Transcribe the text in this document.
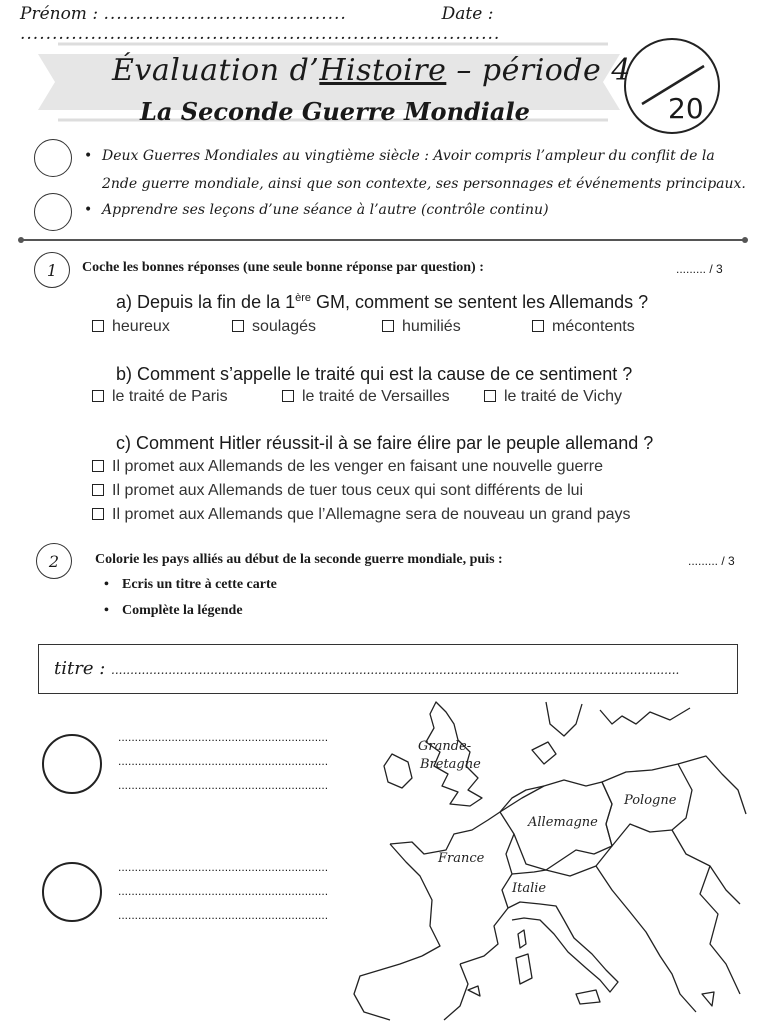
Prénom : ......................................	Date : ...........................................................................
Évaluation d’Histoire – période 4
La Seconde Guerre Mondiale	20
• Deux Guerres Mondiales au vingtième siècle : Avoir compris l’ampleur du conflit de la
2nde guerre mondiale, ainsi que son contexte, ses personnages et événements principaux.
• Apprendre ses leçons d’une séance à l’autre (contrôle continu)
1	Coche les bonnes réponses (une seule bonne réponse par question) :	......... / 3
a) Depuis la fin de la 1ère GM, comment se sentent les Allemands ?
heureux	soulagés	humiliés	mécontents
b) Comment s’appelle le traité qui est la cause de ce sentiment ?
le traité de Paris	le traité de Versailles	le traité de Vichy
c) Comment Hitler réussit-il à se faire élire par le peuple allemand ?
Il promet aux Allemands de les venger en faisant une nouvelle guerre
Il promet aux Allemands de tuer tous ceux qui sont différents de lui
Il promet aux Allemands que l’Allemagne sera de nouveau un grand pays
2	Colorie les pays alliés au début de la seconde guerre mondiale, puis :	......... / 3
• Ecris un titre à cette carte
• Complète la légende
titre : .....................................................................................................................................................
...............................................................
...............................................................
...............................................................
...............................................................
...............................................................
...............................................................
Grande-
Bretagne
Pologne
Allemagne
France
Italie
